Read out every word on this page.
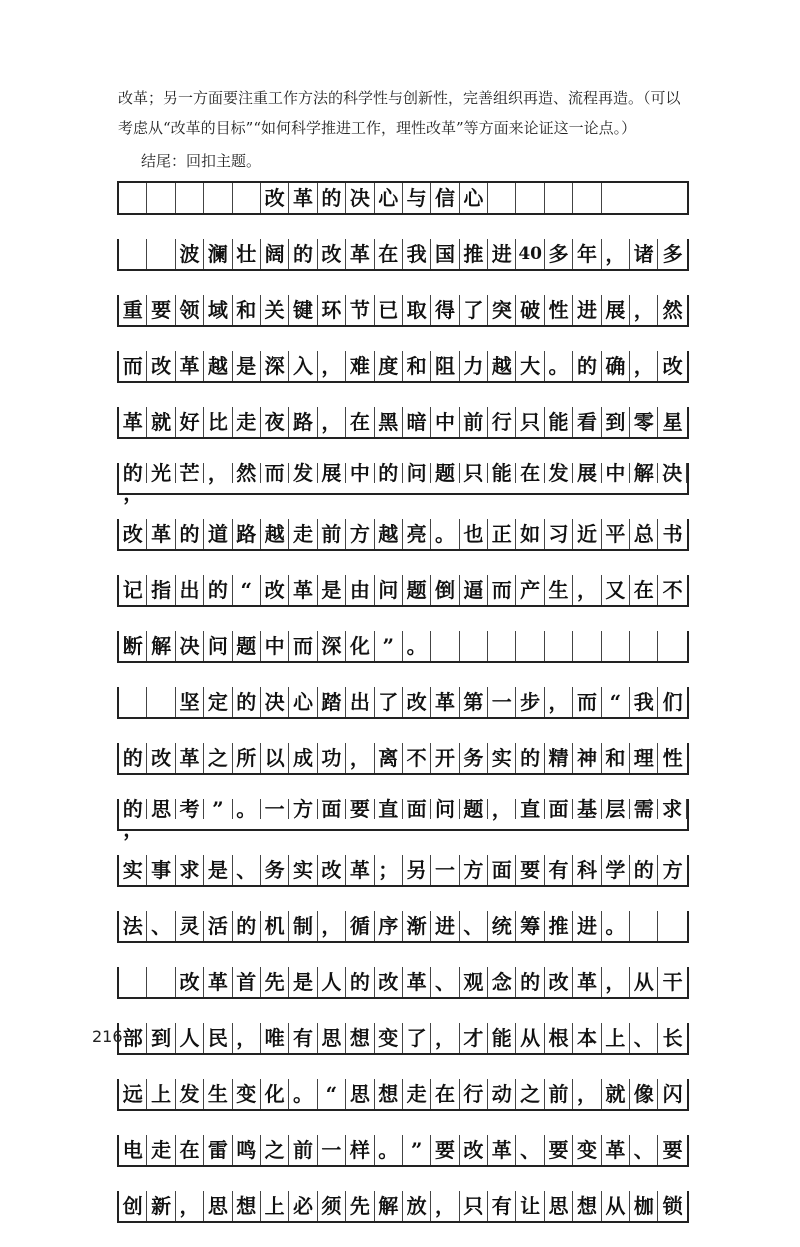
改革；另一方面要注重工作方法的科学性与创新性，完善组织再造、流程再造。（可以
考虑从“改革的目标”“如何科学推进工作，理性改革”等方面来论证这一论点。）
结尾：回扣主题。
改 革 的 决 心 与 信 心
波 澜 壮 阔 的 改 革 在 我 国 推 进 40 多 年 ， 诸 多
重 要 领 域 和 关 键 环 节 已 取 得 了 突 破 性 进 展 ， 然
而 改 革 越 是 深 入 ， 难 度 和 阻 力 越 大 。 的 确 ， 改
革 就 好 比 走 夜 路 ， 在 黑 暗 中 前 行 只 能 看 到 零 星
的 光 芒 ， 然 而 发 展 中 的 问 题 只 能 在 发 展 中 解 决
，
改 革 的 道 路 越 走 前 方 越 亮 。 也 正 如 习 近 平 总 书
记 指 出 的 “ 改 革 是 由 问 题 倒 逼 而 产 生 ， 又 在 不
断 解 决 问 题 中 而 深 化 ” 。
坚 定 的 决 心 踏 出 了 改 革 第 一 步 ， 而 “ 我 们
的 改 革 之 所 以 成 功 ， 离 不 开 务 实 的 精 神 和 理 性
的 思 考 ” 。 一 方 面 要 直 面 问 题 ， 直 面 基 层 需 求
，
实 事 求 是 、 务 实 改 革 ； 另 一 方 面 要 有 科 学 的 方
法 、 灵 活 的 机 制 ， 循 序 渐 进 、 统 筹 推 进 。
改 革 首 先 是 人 的 改 革 、 观 念 的 改 革 ， 从 干
部 到 人 民 ， 唯 有 思 想 变 了 ， 才 能 从 根 本 上 、 长
远 上 发 生 变 化 。 “ 思 想 走 在 行 动 之 前 ， 就 像 闪
电 走 在 雷 鸣 之 前 一 样 。 ” 要 改 革 、 要 变 革 、 要
创 新 ， 思 想 上 必 须 先 解 放 ， 只 有 让 思 想 从 枷 锁
216
